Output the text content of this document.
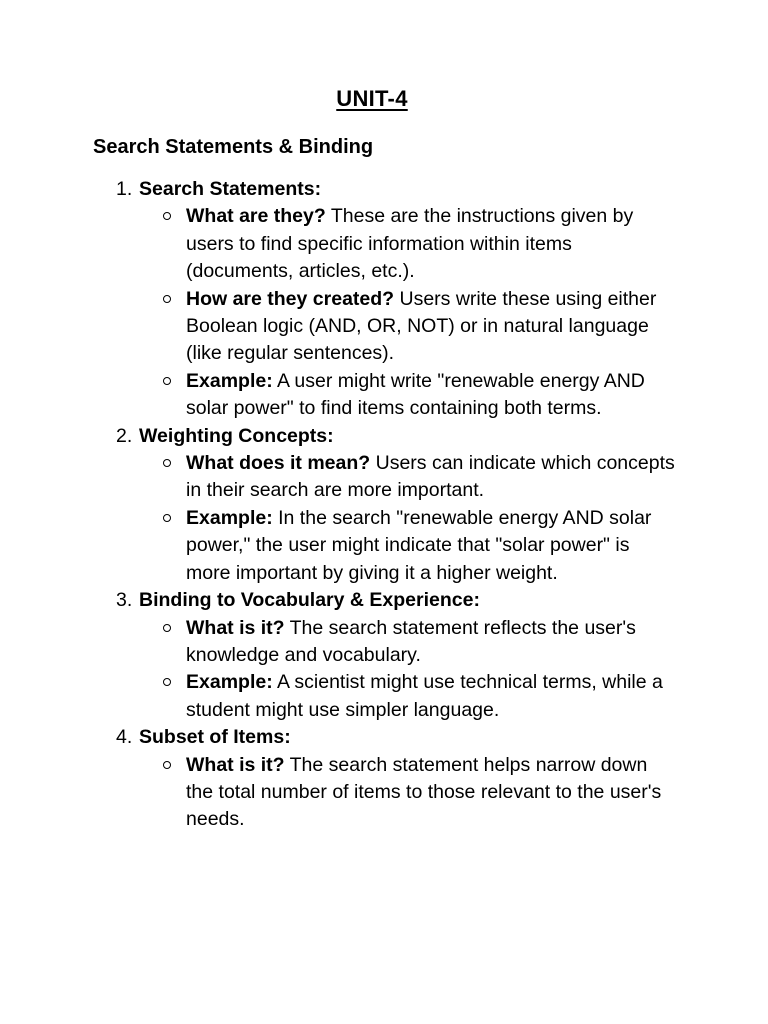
UNIT-4
Search Statements & Binding
1. Search Statements:
What are they? These are the instructions given by users to find specific information within items (documents, articles, etc.).
How are they created? Users write these using either Boolean logic (AND, OR, NOT) or in natural language (like regular sentences).
Example: A user might write "renewable energy AND solar power" to find items containing both terms.
2. Weighting Concepts:
What does it mean? Users can indicate which concepts in their search are more important.
Example: In the search "renewable energy AND solar power," the user might indicate that "solar power" is more important by giving it a higher weight.
3. Binding to Vocabulary & Experience:
What is it? The search statement reflects the user's knowledge and vocabulary.
Example: A scientist might use technical terms, while a student might use simpler language.
4. Subset of Items:
What is it? The search statement helps narrow down the total number of items to those relevant to the user's needs.
